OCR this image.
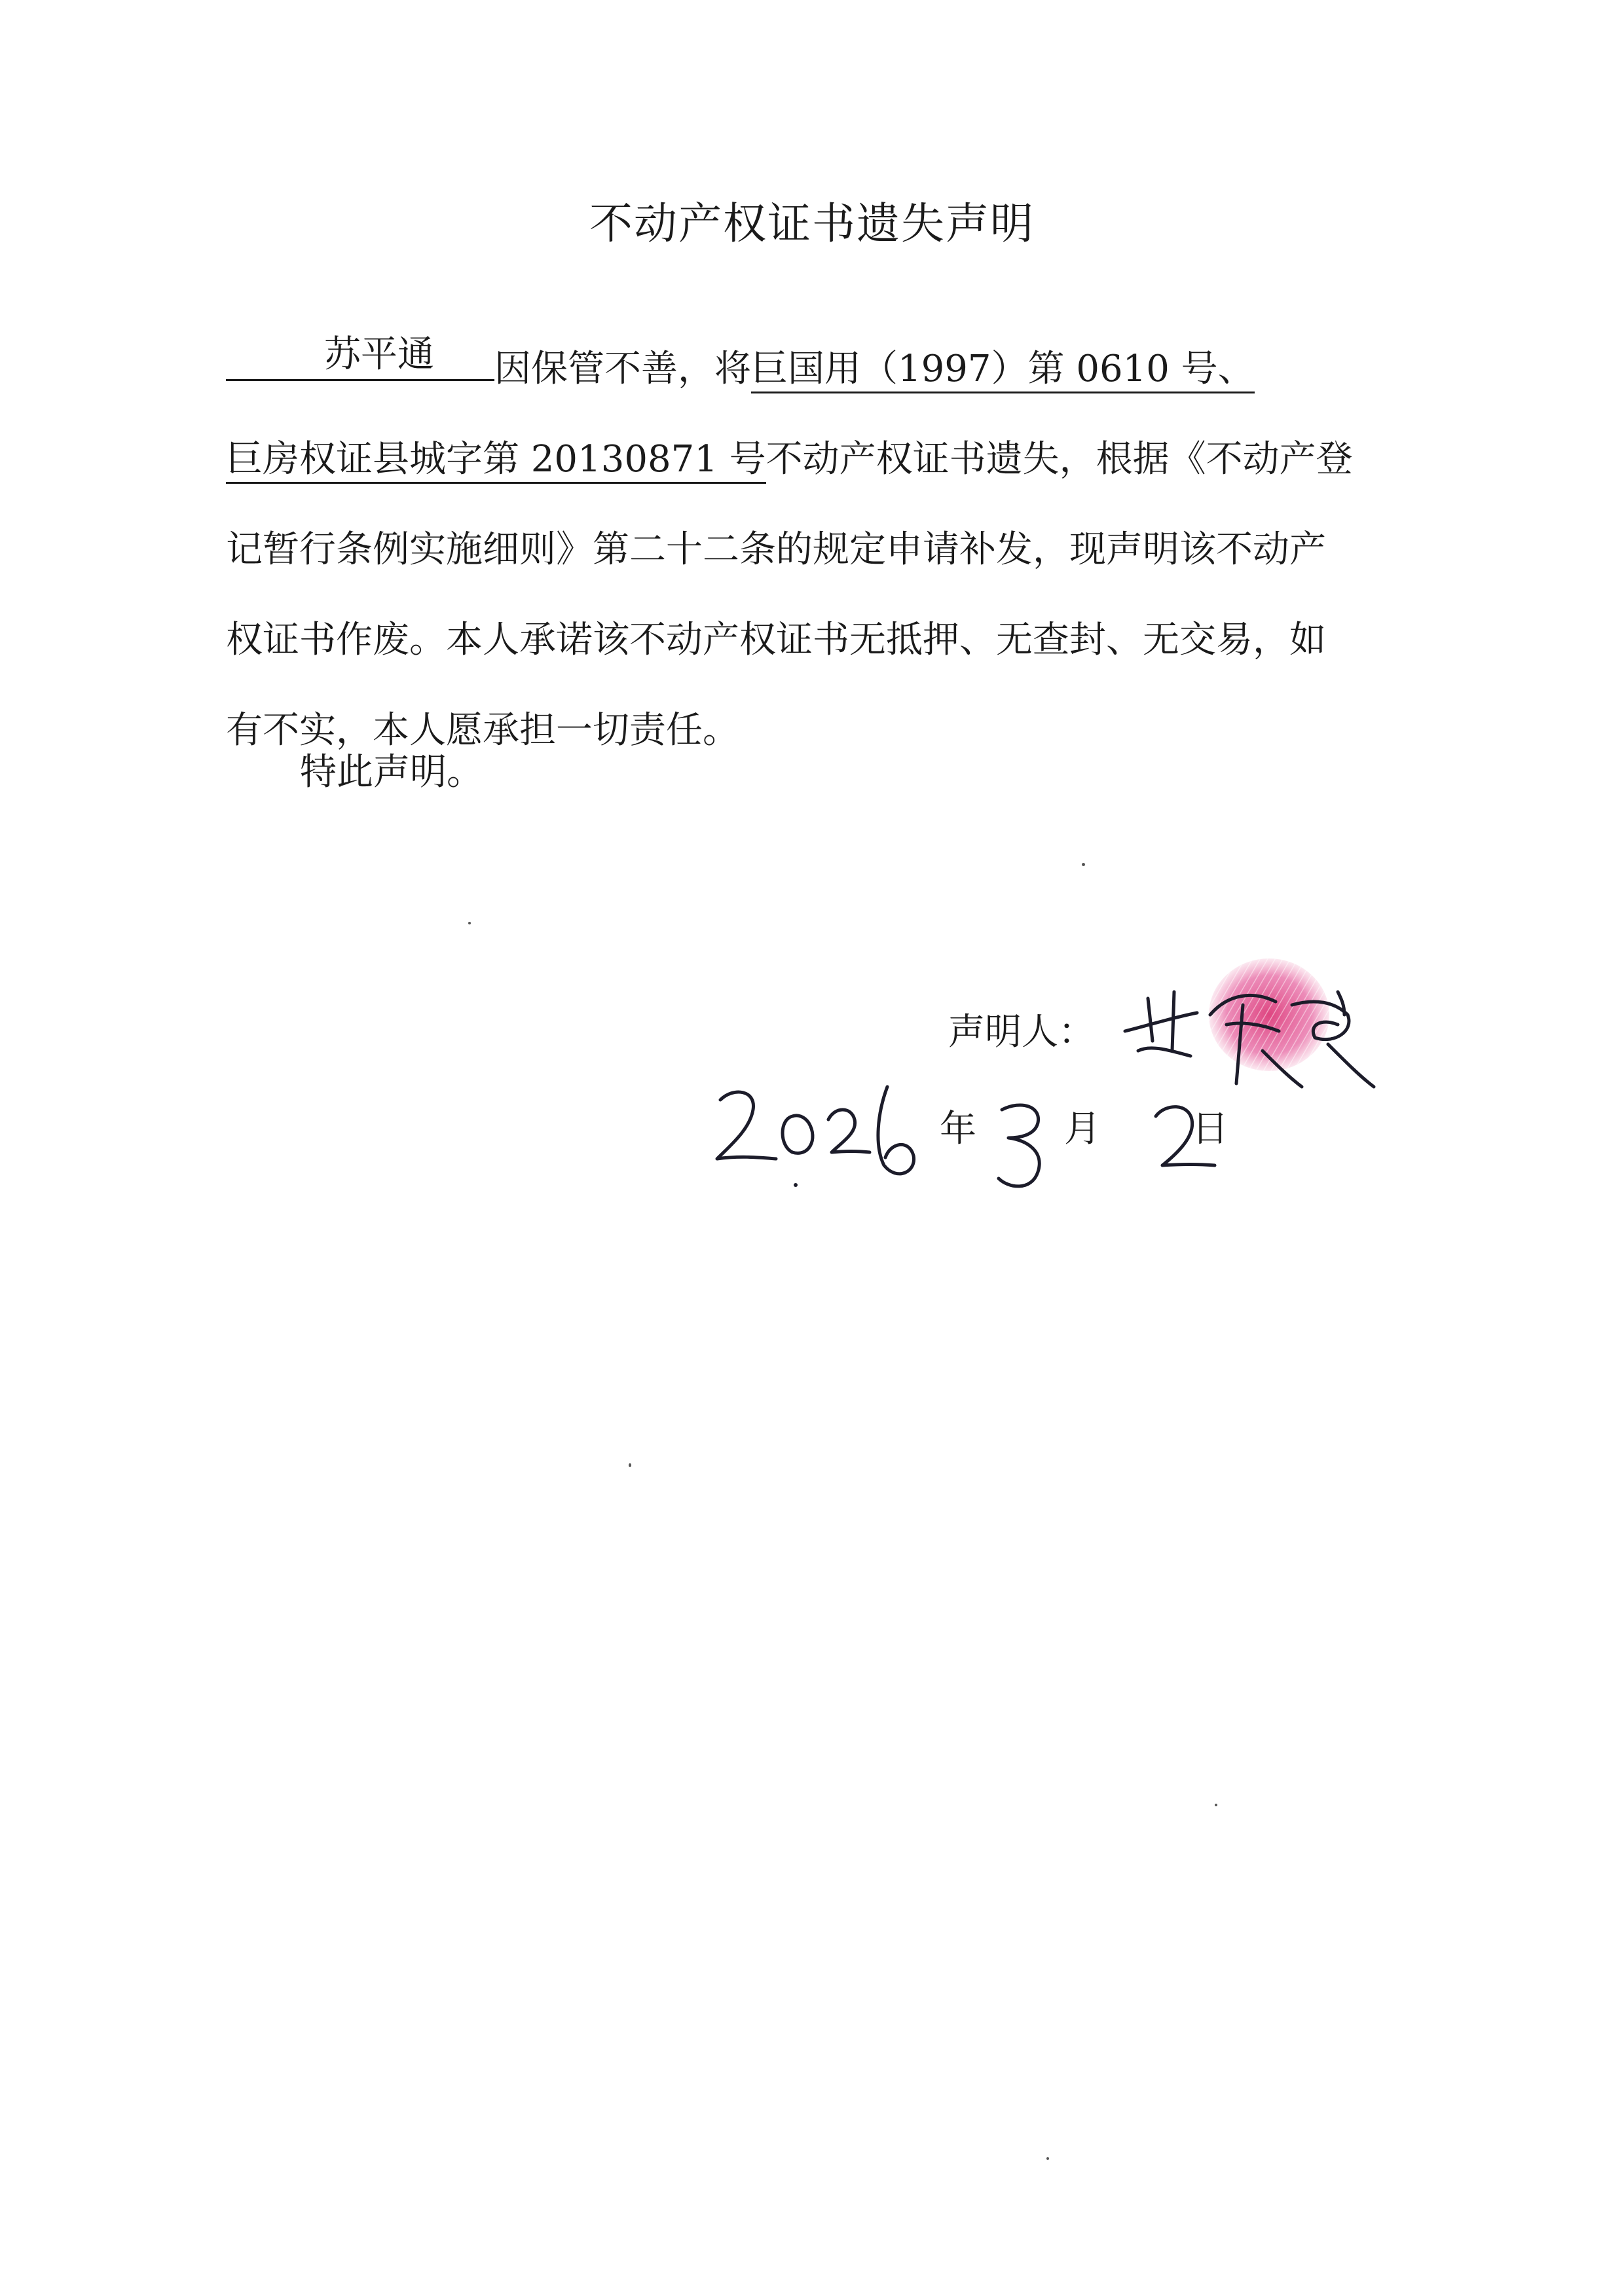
不动产权证书遗失声明
苏平通 因保管不善，将巨国用（1997）第 0610 号、
巨房权证县城字第 20130871 号不动产权证书遗失，根据《不动产登
记暂行条例实施细则》第二十二条的规定申请补发，现声明该不动产
权证书作废。本人承诺该不动产权证书无抵押、无查封、无交易，如
有不实，本人愿承担一切责任。
特此声明。
声明人：
年 月 日
